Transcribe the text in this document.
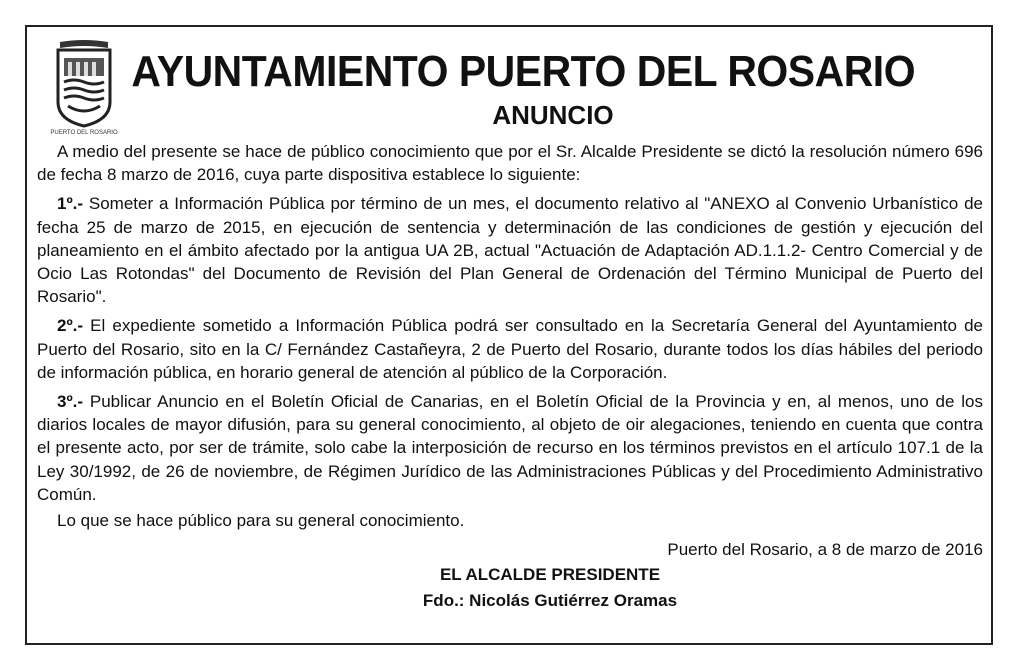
PUERTO DEL ROSARIO
AYUNTAMIENTO PUERTO DEL ROSARIO
ANUNCIO

A medio del presente se hace de público conocimiento que por el Sr. Alcalde Presidente se dictó la resolución número 696 de fecha 8 marzo de 2016, cuya parte dispositiva establece lo siguiente:

1º.- Someter a Información Pública por término de un mes, el documento relativo al "ANEXO al Convenio Urbanístico de fecha 25 de marzo de 2015, en ejecución de sentencia y determinación de las condiciones de gestión y ejecución del planeamiento en el ámbito afectado por la antigua UA 2B, actual "Actuación de Adaptación AD.1.1.2- Centro Comercial y de Ocio Las Rotondas" del Documento de Revisión del Plan General de Ordenación del Término Municipal de Puerto del Rosario".

2º.- El expediente sometido a Información Pública podrá ser consultado en la Secretaría General del Ayuntamiento de Puerto del Rosario, sito en la C/ Fernández Castañeyra, 2 de Puerto del Rosario, durante todos los días hábiles del periodo de información pública, en horario general de atención al público de la Corporación.

3º.- Publicar Anuncio en el Boletín Oficial de Canarias, en el Boletín Oficial de la Provincia y en, al menos, uno de los diarios locales de mayor difusión, para su general conocimiento, al objeto de oir alegaciones, teniendo en cuenta que contra el presente acto, por ser de trámite, solo cabe la interposición de recurso en los términos previstos en el artículo 107.1 de la Ley 30/1992, de 26 de noviembre, de Régimen Jurídico de las Administraciones Públicas y del Procedimiento Administrativo Común.

Lo que se hace público para su general conocimiento.

Puerto del Rosario, a 8 de marzo de 2016
EL ALCALDE PRESIDENTE
Fdo.: Nicolás Gutiérrez Oramas
